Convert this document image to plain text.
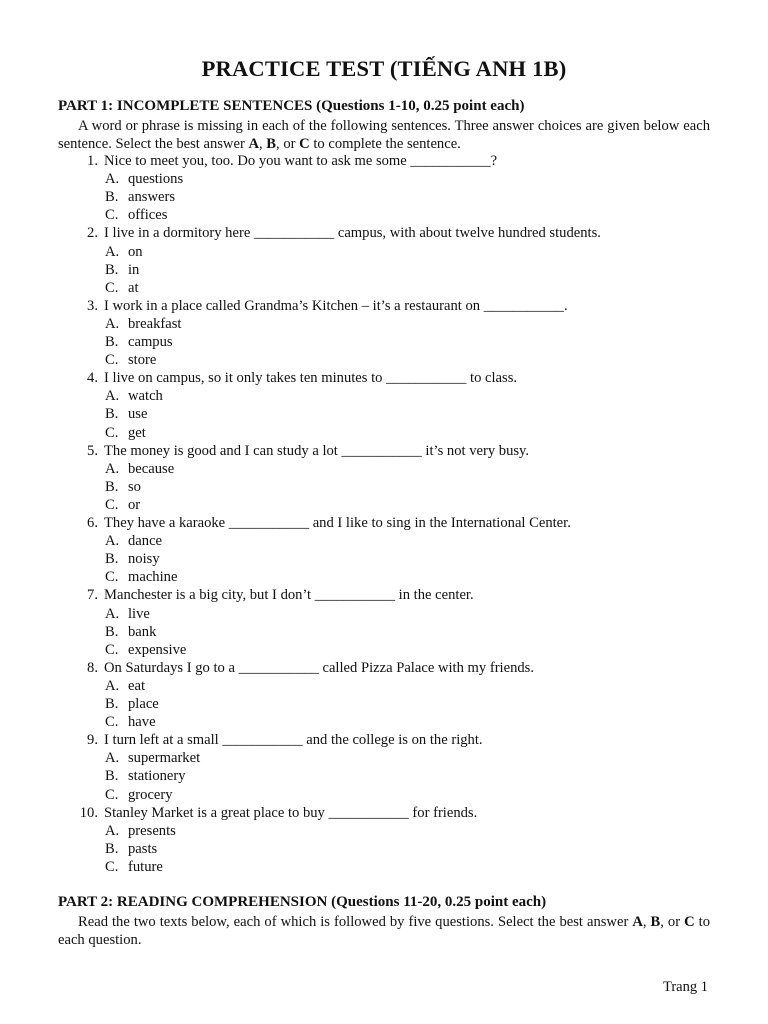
PRACTICE TEST (TIẾNG ANH 1B)
PART 1: INCOMPLETE SENTENCES (Questions 1-10, 0.25 point each)
A word or phrase is missing in each of the following sentences. Three answer choices are given below each sentence. Select the best answer A, B, or C to complete the sentence.
1. Nice to meet you, too. Do you want to ask me some ___________?
A. questions
B. answers
C. offices
2. I live in a dormitory here ___________ campus, with about twelve hundred students.
A. on
B. in
C. at
3. I work in a place called Grandma’s Kitchen – it’s a restaurant on ___________.
A. breakfast
B. campus
C. store
4. I live on campus, so it only takes ten minutes to ___________ to class.
A. watch
B. use
C. get
5. The money is good and I can study a lot ___________ it’s not very busy.
A. because
B. so
C. or
6. They have a karaoke ___________ and I like to sing in the International Center.
A. dance
B. noisy
C. machine
7. Manchester is a big city, but I don’t ___________ in the center.
A. live
B. bank
C. expensive
8. On Saturdays I go to a ___________ called Pizza Palace with my friends.
A. eat
B. place
C. have
9. I turn left at a small ___________ and the college is on the right.
A. supermarket
B. stationery
C. grocery
10. Stanley Market is a great place to buy ___________ for friends.
A. presents
B. pasts
C. future
PART 2: READING COMPREHENSION (Questions 11-20, 0.25 point each)
Read the two texts below, each of which is followed by five questions. Select the best answer A, B, or C to each question.
Trang 1
